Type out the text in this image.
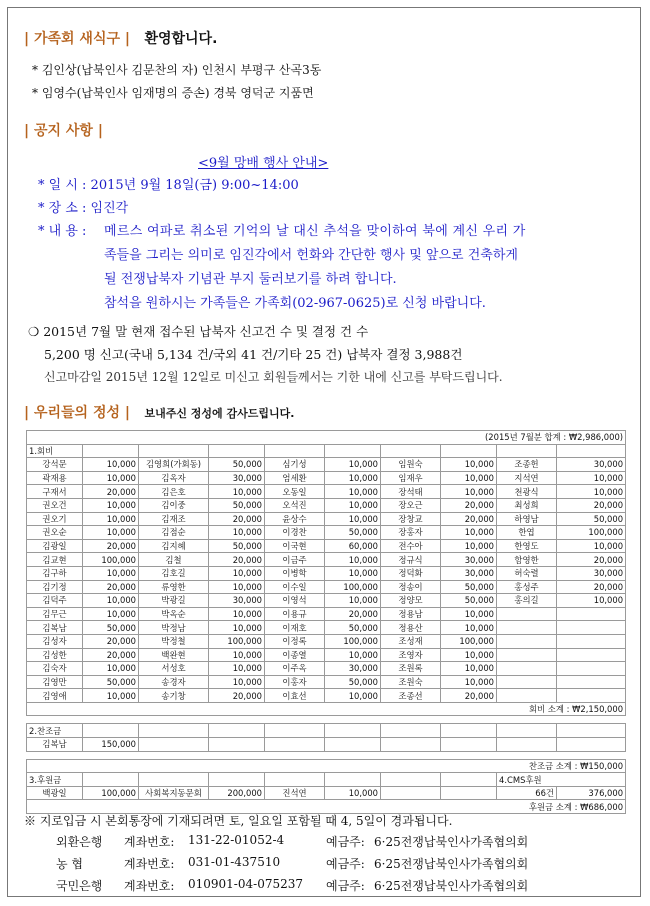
| 가족회 새식구 | 환영합니다.
* 김인상(납북인사 김문찬의 자) 인천시 부평구 산곡3동
* 임영수(납북인사 임재명의 증손) 경북 영덕군 지품면
| 공지 사항 |
<9월 망배 행사 안내>
* 일 시 : 2015년 9월 18일(금) 9:00~14:00
* 장 소 : 임진각
* 내 용 : 메르스 여파로 취소된 기억의 날 대신 추석을 맞이하여 북에 계신 우리 가
족들을 그리는 의미로 임진각에서 헌화와 간단한 행사 및 앞으로 건축하게
될 전쟁납북자 기념관 부지 둘러보기를 하려 합니다.
참석을 원하시는 가족들은 가족회(02-967-0625)로 신청 바랍니다.
❍ 2015년 7월 말 현재 접수된 납북자 신고건 수 및 결정 건 수
5,200 명 신고(국내 5,134 건/국외 41 건/기타 25 건) 납북자 결정 3,988건
신고마감일 2015년 12월 12일로 미신고 회원들께서는 기한 내에 신고를 부탁드립니다.
| 우리들의 정성 | 보내주신 정성에 감사드립니다.
(2015년 7월분 합계 : ₩2,986,000)									
1.회비									
강석문	10,000	김영희(가회동)	50,000	심기성	10,000	임원숙	10,000	조종헌	30,000
곽재용	10,000	김옥자	30,000	엄세환	10,000	임재우	10,000	지석연	10,000
구재서	20,000	김은호	10,000	오동일	10,000	장석태	10,000	천광식	10,000
권오건	10,000	김이중	50,000	오석진	10,000	장오근	20,000	최성희	20,000
권오기	10,000	김재조	20,000	윤상수	10,000	장창교	20,000	하영남	50,000
권오순	10,000	김점순	10,000	이경찬	50,000	장홍자	10,000	한엽	100,000
김광일	20,000	김지혜	50,000	이국현	60,000	전수아	10,000	한영도	10,000
김교현	100,000	김철	20,000	이금주	10,000	정규식	30,000	함영한	20,000
김구하	10,000	김호길	10,000	이병학	10,000	정덕화	30,000	허숙렬	30,000
김기정	20,000	류영한	10,000	이수일	100,000	정송이	50,000	홍성주	20,000
김덕주	10,000	박광길	30,000	이영석	10,000	정양모	50,000	홍의길	10,000
김무근	10,000	박옥순	10,000	이용규	20,000	정용남	10,000		
김복남	50,000	박정남	10,000	이재호	50,000	정용산	10,000		
김성자	20,000	박정철	100,000	이정록	100,000	조성재	100,000		
김성한	20,000	백완현	10,000	이종열	10,000	조영자	10,000		
김숙자	10,000	서성호	10,000	이주옥	30,000	조원록	10,000		
김영만	50,000	송경자	10,000	이홍자	50,000	조원숙	10,000		
김영애	10,000	송기창	20,000	이효선	10,000	조종선	20,000		
회비 소계 : ₩2,150,000									

2.찬조금									
김복남	150,000								

찬조금 소계 : ₩150,000									
3.후원금								4.CMS후원	
백광일	100,000	사회복지동문회	200,000	진석연	10,000			66건	376,000
후원금 소계 : ₩686,000									
※ 지로입금 시 본회통장에 기재되려면 토, 일요일 포함될 때 4, 5일이 경과됩니다.
외환은행 계좌번호: 131-22-01052-4	예금주: 6·25전쟁납북인사가족협의회
농 협	계좌번호: 031-01-437510	예금주: 6·25전쟁납북인사가족협의회
국민은행 계좌번호: 010901-04-075237 예금주: 6·25전쟁납북인사가족협의회
